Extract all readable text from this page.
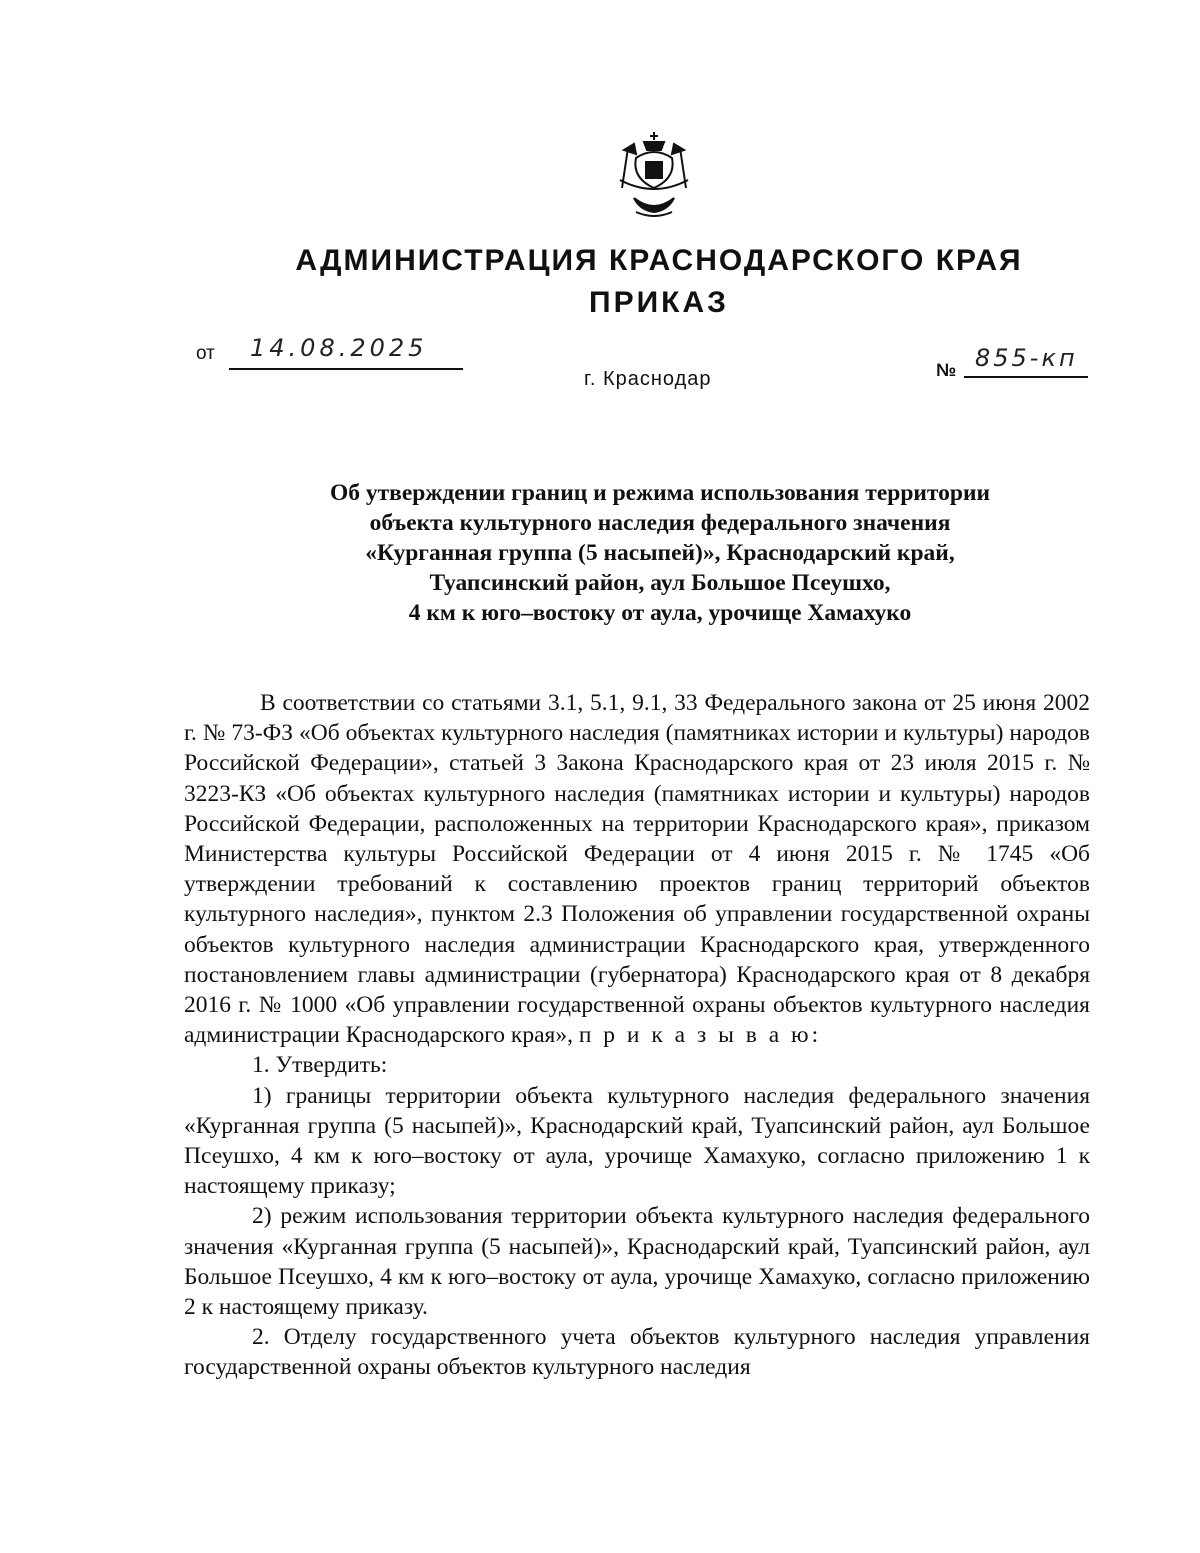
АДМИНИСТРАЦИЯ КРАСНОДАРСКОГО КРАЯ
ПРИКАЗ
от 14.08.2025
г. Краснодар	№ 855-кп
Об утверждении границ и режима использования территории
объекта культурного наследия федерального значения
«Курганная группа (5 насыпей)», Краснодарский край,
Туапсинский район, аул Большое Псеушхо,
4 км к юго–востоку от аула, урочище Хамахуко

В соответствии со статьями 3.1, 5.1, 9.1, 33 Федерального закона от 25 июня 2002 г. № 73-ФЗ «Об объектах культурного наследия (памятниках истории и культуры) народов Российской Федерации», статьей 3 Закона Краснодарского края от 23 июля 2015 г. № 3223-КЗ «Об объектах культурного наследия (памятниках истории и культуры) народов Российской Федерации, расположенных на территории Краснодарского края», приказом Министерства культуры Российской Федерации от 4 июня 2015 г. № 1745 «Об утверждении требований к составлению проектов границ территорий объектов культурного наследия», пунктом 2.3 Положения об управлении государственной охраны объектов культурного наследия администрации Краснодарского края, утвержденного постановлением главы администрации (губернатора) Краснодарского края от 8 декабря 2016 г. № 1000 «Об управлении государственной охраны объектов культурного наследия администрации Краснодарского края», п р и к а з ы в а ю:

1. Утвердить:

1) границы территории объекта культурного наследия федерального значения «Курганная группа (5 насыпей)», Краснодарский край, Туапсинский район, аул Большое Псеушхо, 4 км к юго–востоку от аула, урочище Хамахуко, согласно приложению 1 к настоящему приказу;

2) режим использования территории объекта культурного наследия федерального значения «Курганная группа (5 насыпей)», Краснодарский край, Туапсинский район, аул Большое Псеушхо, 4 км к юго–востоку от аула, урочище Хамахуко, согласно приложению 2 к настоящему приказу.

2. Отделу государственного учета объектов культурного наследия управления государственной охраны объектов культурного наследия
